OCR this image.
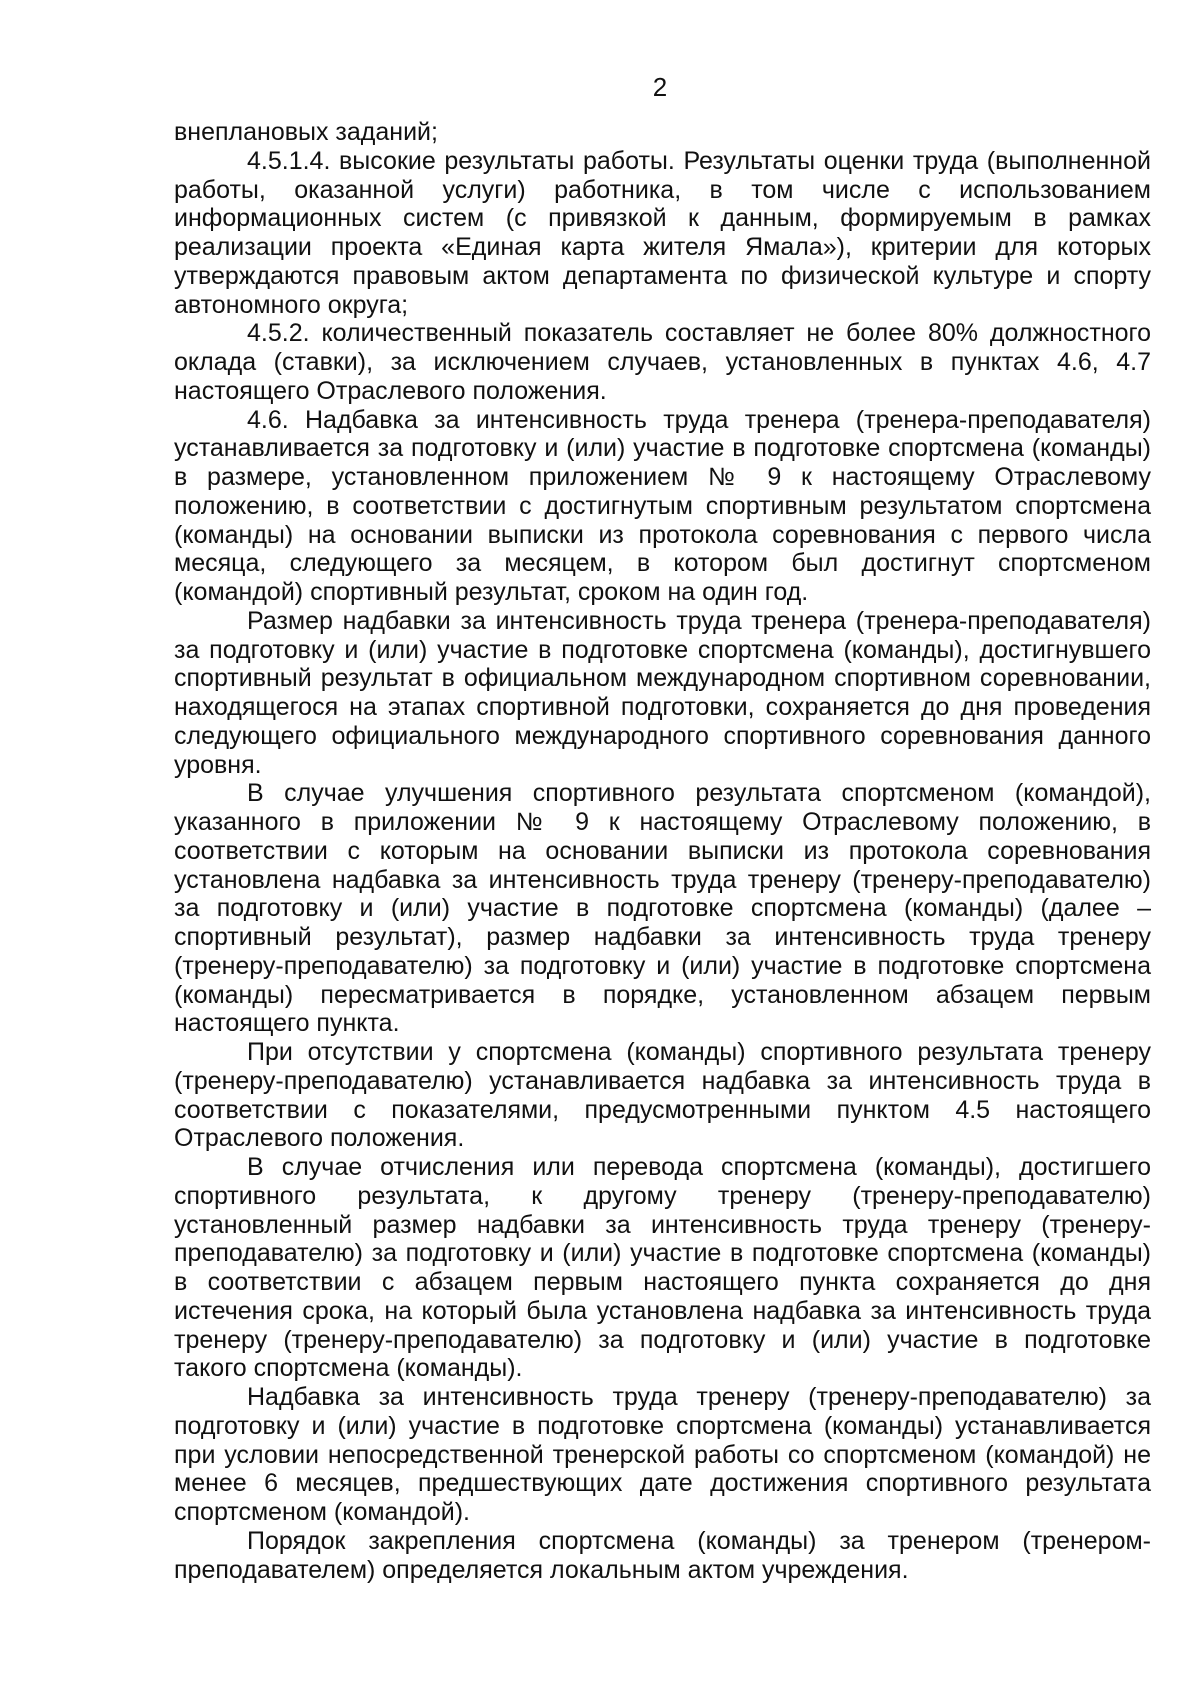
2

внеплановых заданий;

4.5.1.4. высокие результаты работы. Результаты оценки труда (выполненной работы, оказанной услуги) работника, в том числе с использованием информационных систем (с привязкой к данным, формируемым в рамках реализации проекта «Единая карта жителя Ямала»), критерии для которых утверждаются правовым актом департамента по физической культуре и спорту автономного округа;

4.5.2. количественный показатель составляет не более 80% должностного оклада (ставки), за исключением случаев, установленных в пунктах 4.6, 4.7 настоящего Отраслевого положения.

4.6. Надбавка за интенсивность труда тренера (тренера-преподавателя) устанавливается за подготовку и (или) участие в подготовке спортсмена (команды) в размере, установленном приложением № 9 к настоящему Отраслевому положению, в соответствии с достигнутым спортивным результатом спортсмена (команды) на основании выписки из протокола соревнования с первого числа месяца, следующего за месяцем, в котором был достигнут спортсменом (командой) спортивный результат, сроком на один год.

Размер надбавки за интенсивность труда тренера (тренера-преподавателя) за подготовку и (или) участие в подготовке спортсмена (команды), достигнувшего спортивный результат в официальном международном спортивном соревновании, находящегося на этапах спортивной подготовки, сохраняется до дня проведения следующего официального международного спортивного соревнования данного уровня.

В случае улучшения спортивного результата спортсменом (командой), указанного в приложении № 9 к настоящему Отраслевому положению, в соответствии с которым на основании выписки из протокола соревнования установлена надбавка за интенсивность труда тренеру (тренеру-преподавателю) за подготовку и (или) участие в подготовке спортсмена (команды) (далее – спортивный результат), размер надбавки за интенсивность труда тренеру (тренеру-преподавателю) за подготовку и (или) участие в подготовке спортсмена (команды) пересматривается в порядке, установленном абзацем первым настоящего пункта.

При отсутствии у спортсмена (команды) спортивного результата тренеру (тренеру-преподавателю) устанавливается надбавка за интенсивность труда в соответствии с показателями, предусмотренными пунктом 4.5 настоящего Отраслевого положения.

В случае отчисления или перевода спортсмена (команды), достигшего спортивного результата, к другому тренеру (тренеру-преподавателю) установленный размер надбавки за интенсивность труда тренеру (тренеру-преподавателю) за подготовку и (или) участие в подготовке спортсмена (команды) в соответствии с абзацем первым настоящего пункта сохраняется до дня истечения срока, на который была установлена надбавка за интенсивность труда тренеру (тренеру-преподавателю) за подготовку и (или) участие в подготовке такого спортсмена (команды).

Надбавка за интенсивность труда тренеру (тренеру-преподавателю) за подготовку и (или) участие в подготовке спортсмена (команды) устанавливается при условии непосредственной тренерской работы со спортсменом (командой) не менее 6 месяцев, предшествующих дате достижения спортивного результата спортсменом (командой).

Порядок закрепления спортсмена (команды) за тренером (тренером-преподавателем) определяется локальным актом учреждения.
